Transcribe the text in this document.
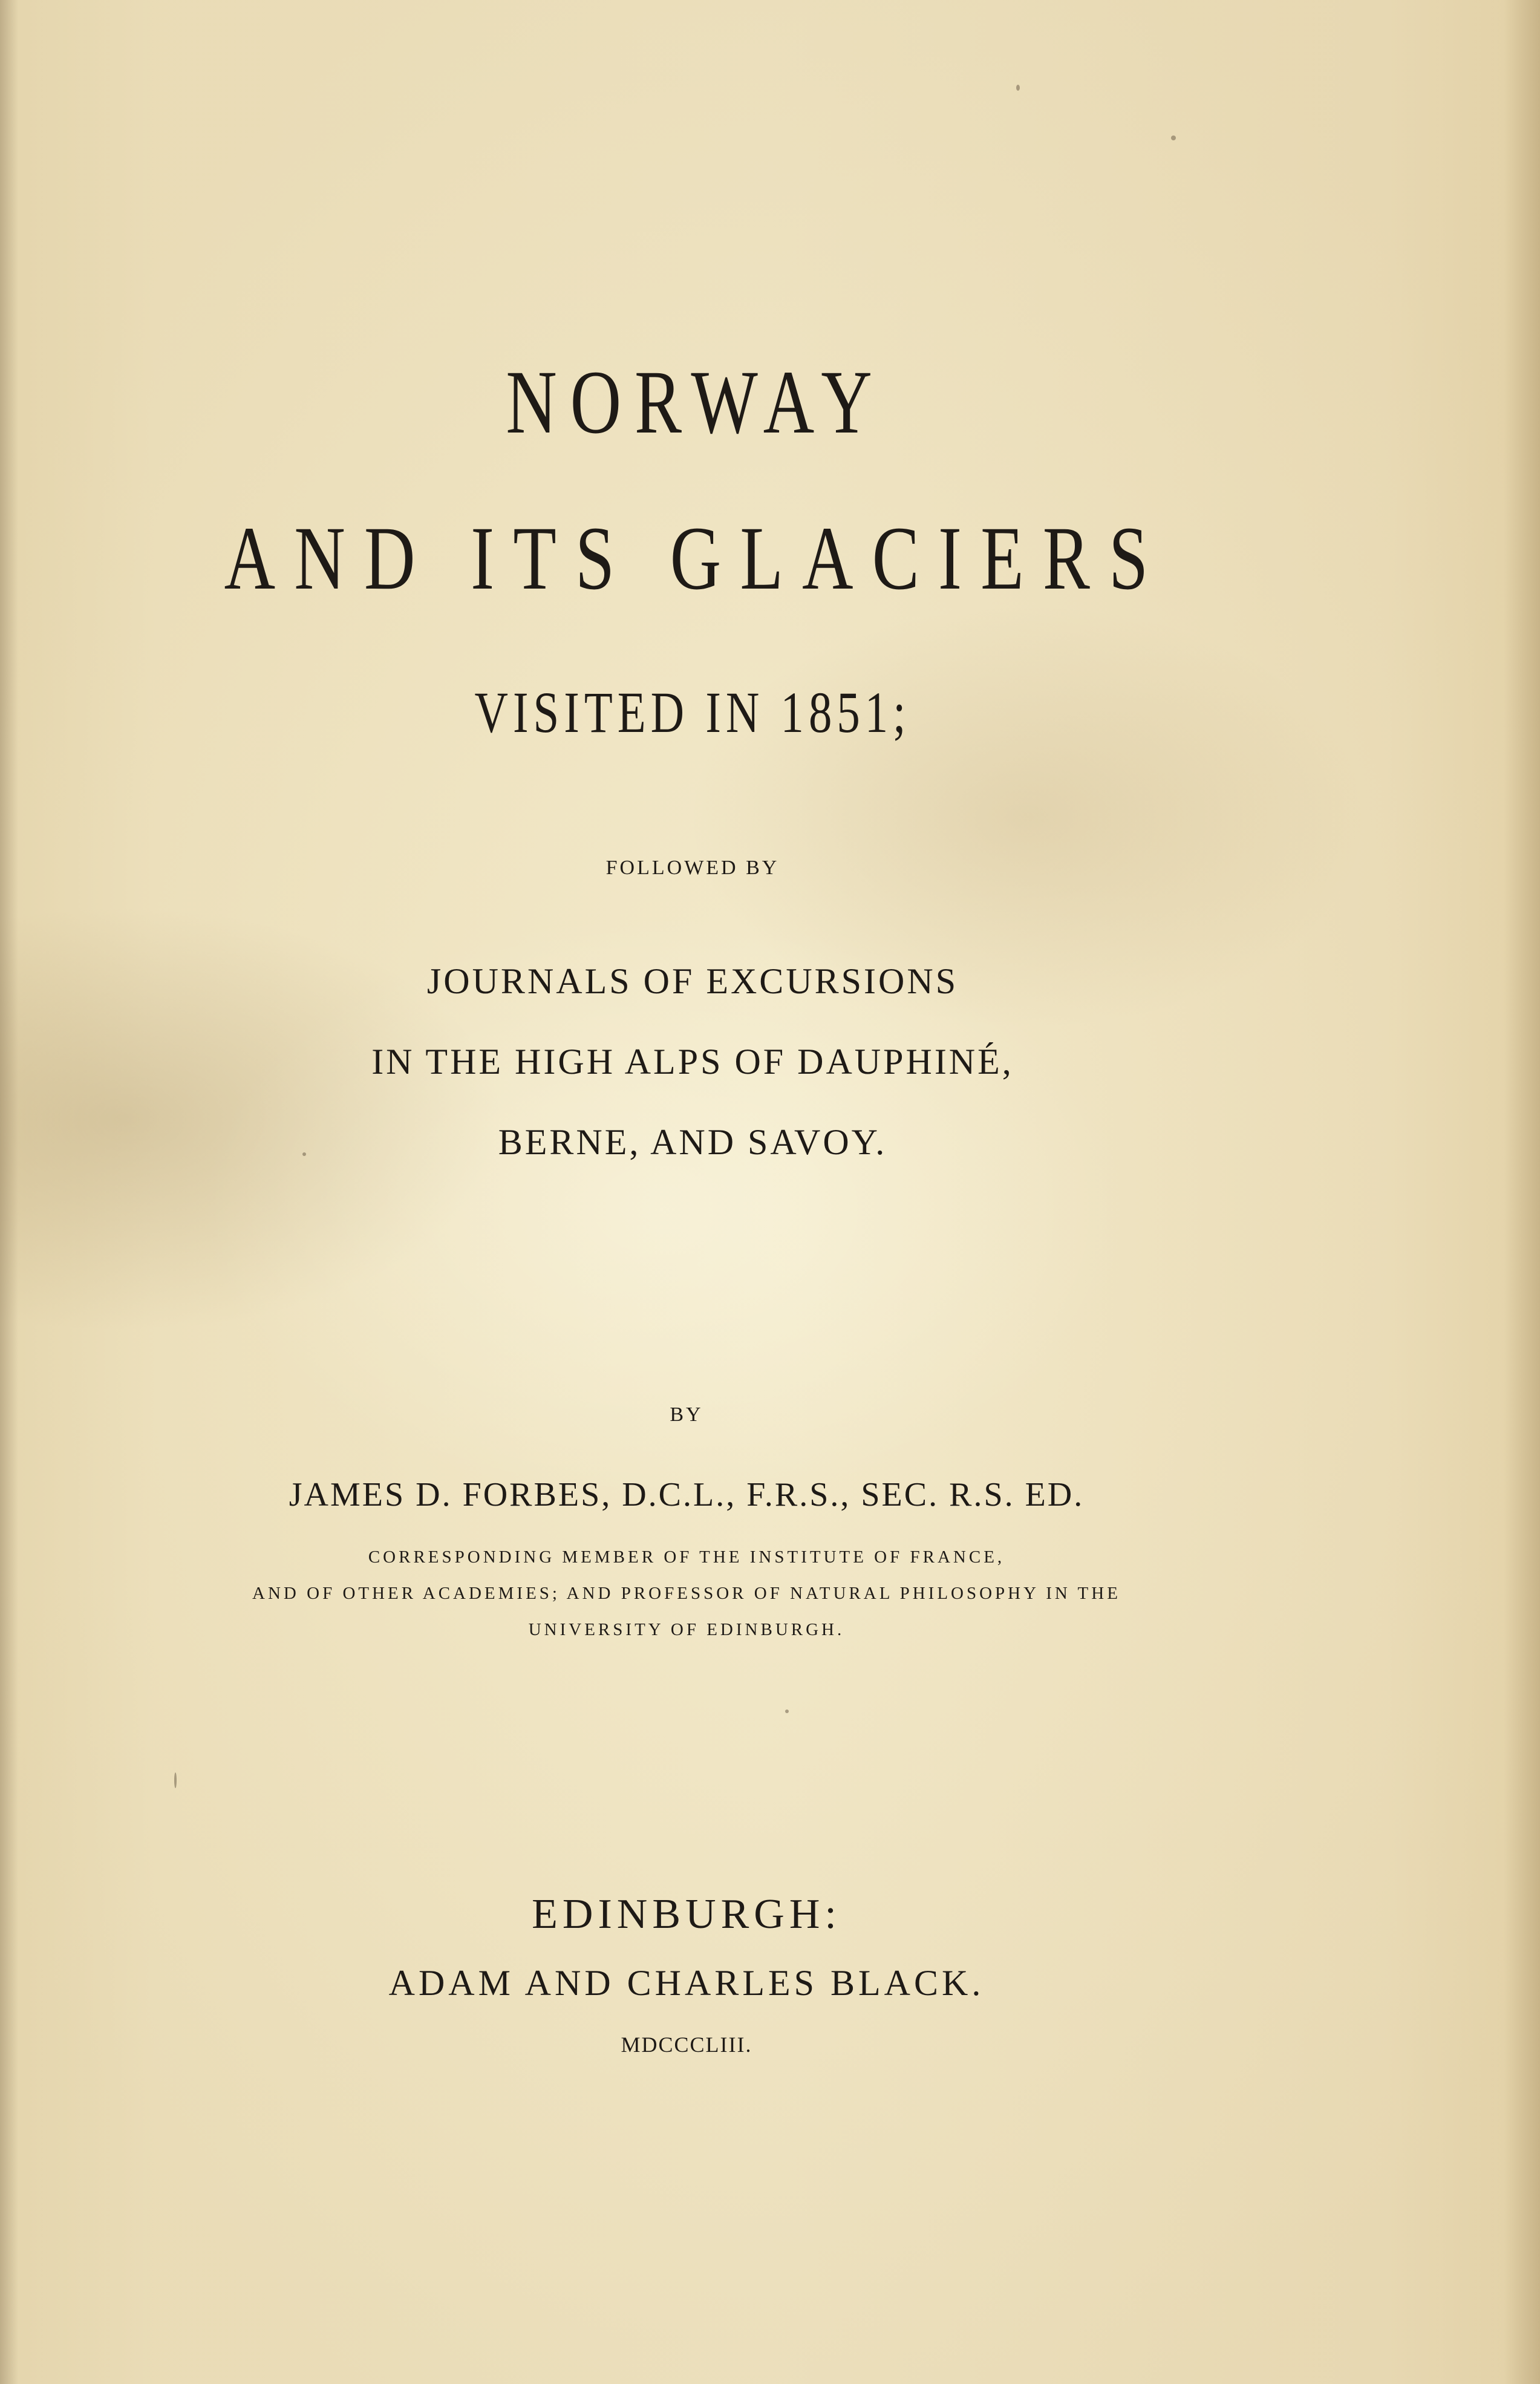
NORWAY
AND ITS GLACIERS
VISITED IN 1851;
FOLLOWED BY
JOURNALS OF EXCURSIONS
IN THE HIGH ALPS OF DAUPHINÉ,
BERNE, AND SAVOY.
BY
JAMES D. FORBES, D.C.L., F.R.S., SEC. R.S. ED.
CORRESPONDING MEMBER OF THE INSTITUTE OF FRANCE,
AND OF OTHER ACADEMIES; AND PROFESSOR OF NATURAL PHILOSOPHY IN THE
UNIVERSITY OF EDINBURGH.
EDINBURGH:
ADAM AND CHARLES BLACK.
MDCCCLIII.
